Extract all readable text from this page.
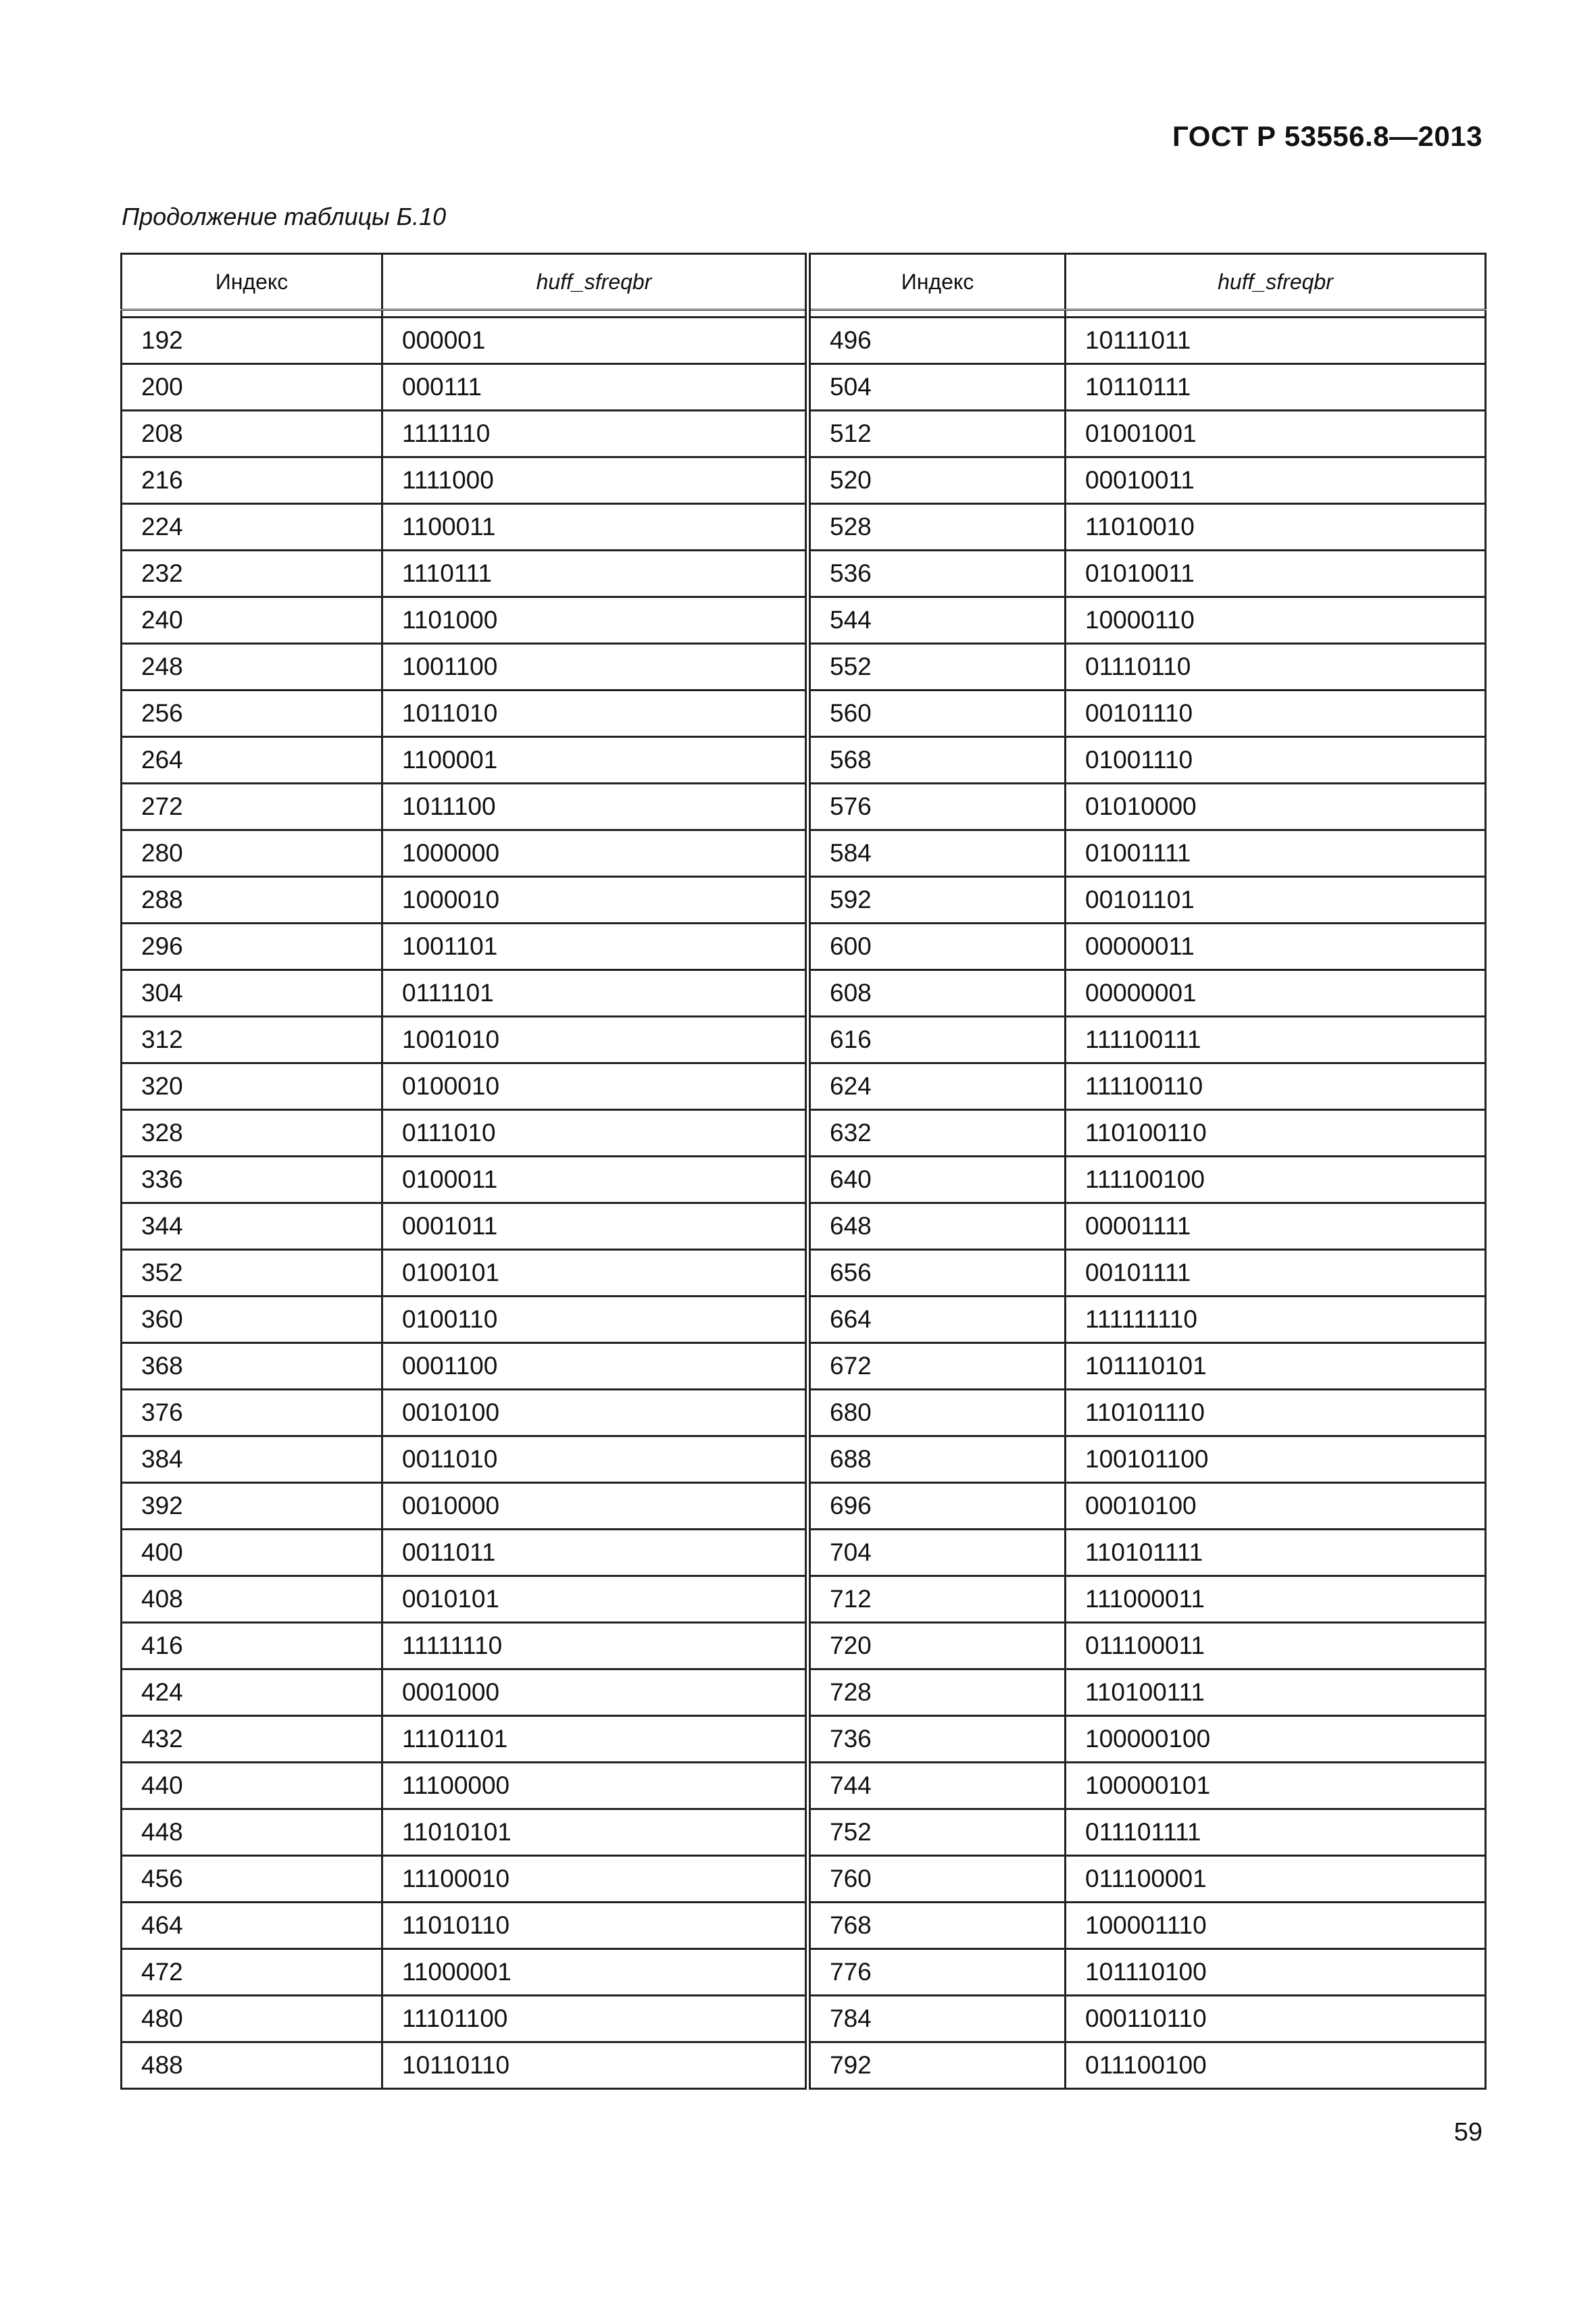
ГОСТ Р 53556.8—2013
Продолжение таблицы Б.10
Индекс	huff_sfreqbr	Индекс	huff_sfreqbr

192	000001	496	10111011
200	000111	504	10110111
208	1111110	512	01001001
216	1111000	520	00010011
224	1100011	528	11010010
232	1110111	536	01010011
240	1101000	544	10000110
248	1001100	552	01110110
256	1011010	560	00101110
264	1100001	568	01001110
272	1011100	576	01010000
280	1000000	584	01001111
288	1000010	592	00101101
296	1001101	600	00000011
304	0111101	608	00000001
312	1001010	616	111100111
320	0100010	624	111100110
328	0111010	632	110100110
336	0100011	640	111100100
344	0001011	648	00001111
352	0100101	656	00101111
360	0100110	664	111111110
368	0001100	672	101110101
376	0010100	680	110101110
384	0011010	688	100101100
392	0010000	696	00010100
400	0011011	704	110101111
408	0010101	712	111000011
416	11111110	720	011100011
424	0001000	728	110100111
432	11101101	736	100000100
440	11100000	744	100000101
448	11010101	752	011101111
456	11100010	760	011100001
464	11010110	768	100001110
472	11000001	776	101110100
480	11101100	784	000110110
488	10110110	792	011100100
59
